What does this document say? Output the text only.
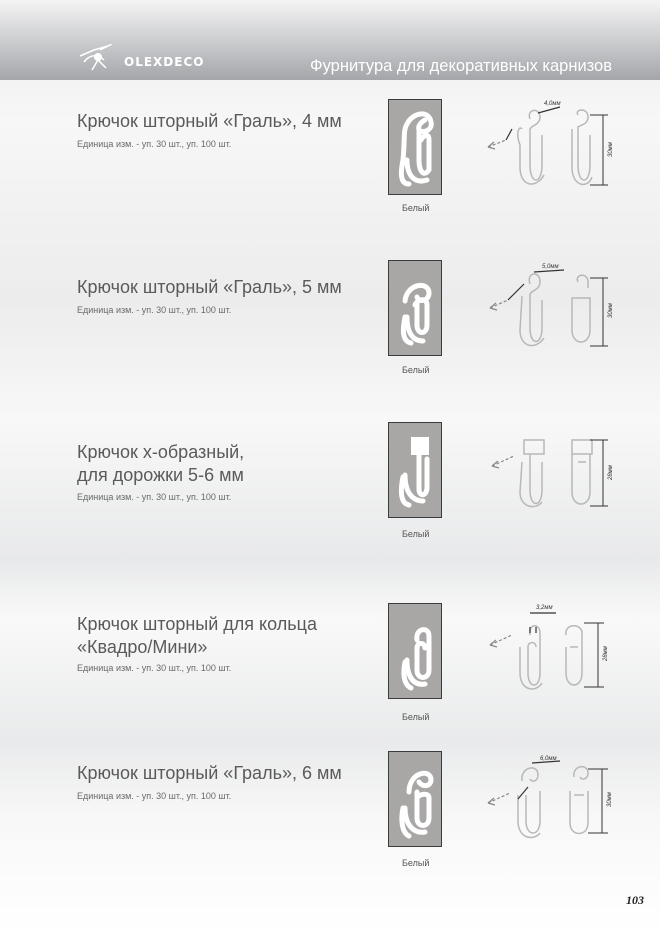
OLEXDECO	Фурнитура для декоративных карнизов
Крючок шторный «Граль», 4 мм
Единица изм. - уп. 30 шт., уп. 100 шт.
Белый
4,0мм
30мм
Крючок шторный «Граль», 5 мм
Единица изм. - уп. 30 шт., уп. 100 шт.
Белый
5,0мм
30мм
Крючок х-образный,
для дорожки 5-6 мм
Единица изм. - уп. 30 шт., уп. 100 шт.
Белый
28мм
Крючок шторный для кольца
«Квадро/Мини»
Единица изм. - уп. 30 шт., уп. 100 шт.
Белый
3,2мм
28мм
Крючок шторный «Граль», 6 мм
Единица изм. - уп. 30 шт., уп. 100 шт.
Белый
6,0мм
30мм
103
